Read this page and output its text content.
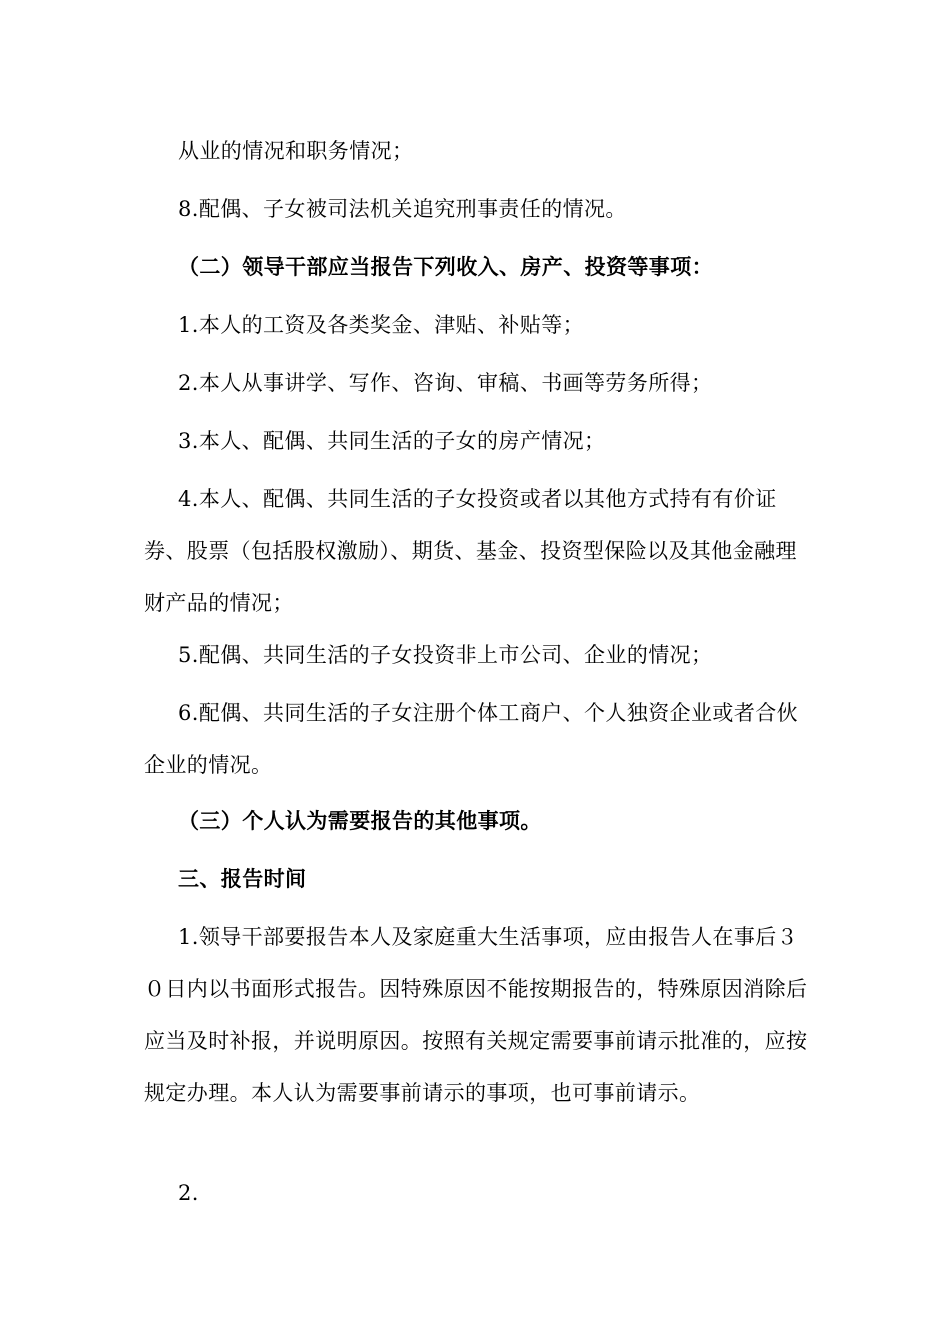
从业的情况和职务情况；

8.配偶、子女被司法机关追究刑事责任的情况。

（二）领导干部应当报告下列收入、房产、投资等事项：

1.本人的工资及各类奖金、津贴、补贴等；

2.本人从事讲学、写作、咨询、审稿、书画等劳务所得；

3.本人、配偶、共同生活的子女的房产情况；

4.本人、配偶、共同生活的子女投资或者以其他方式持有有价证券、股票（包括股权激励）、期货、基金、投资型保险以及其他金融理财产品的情况；

5.配偶、共同生活的子女投资非上市公司、企业的情况；

6.配偶、共同生活的子女注册个体工商户、个人独资企业或者合伙企业的情况。

（三）个人认为需要报告的其他事项。

三、报告时间

1.领导干部要报告本人及家庭重大生活事项，应由报告人在事后３０日内以书面形式报告。因特殊原因不能按期报告的，特殊原因消除后应当及时补报，并说明原因。按照有关规定需要事前请示批准的，应按规定办理。本人认为需要事前请示的事项，也可事前请示。

2.
